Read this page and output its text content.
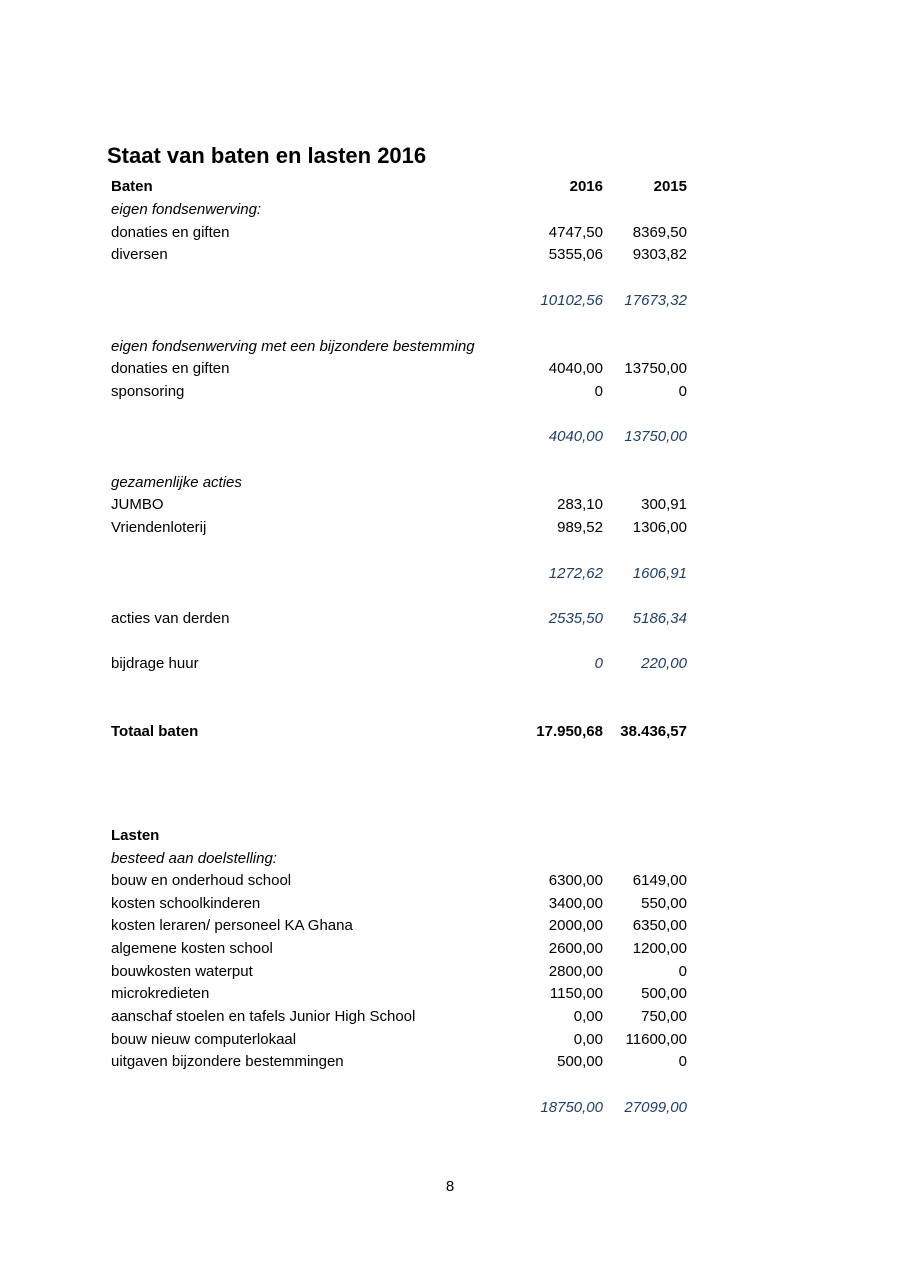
Staat van baten en lasten 2016
Baten	2016	2015
eigen fondsenwerving:
donaties en giften	4747,50 8369,50
diversen	5355,06 9303,82
10102,56 17673,32
eigen fondsenwerving met een bijzondere bestemming
donaties en giften	4040,00 13750,00
sponsoring	0	0
4040,00 13750,00
gezamenlijke acties
JUMBO	283,10	300,91
Vriendenloterij	989,52 1306,00
1272,62 1606,91
acties van derden	2535,50 5186,34
bijdrage huur	0	220,00
Totaal baten	17.950,68 38.436,57
Lasten
besteed aan doelstelling:
bouw en onderhoud school	6300,00 6149,00
kosten schoolkinderen	3400,00	550,00
kosten leraren/ personeel KA Ghana	2000,00 6350,00
algemene kosten school	2600,00 1200,00
bouwkosten waterput	2800,00	0
microkredieten	1150,00	500,00
aanschaf stoelen en tafels Junior High School	0,00	750,00
bouw nieuw computerlokaal	0,00 11600,00
uitgaven bijzondere bestemmingen	500,00	0
18750,00 27099,00
8
